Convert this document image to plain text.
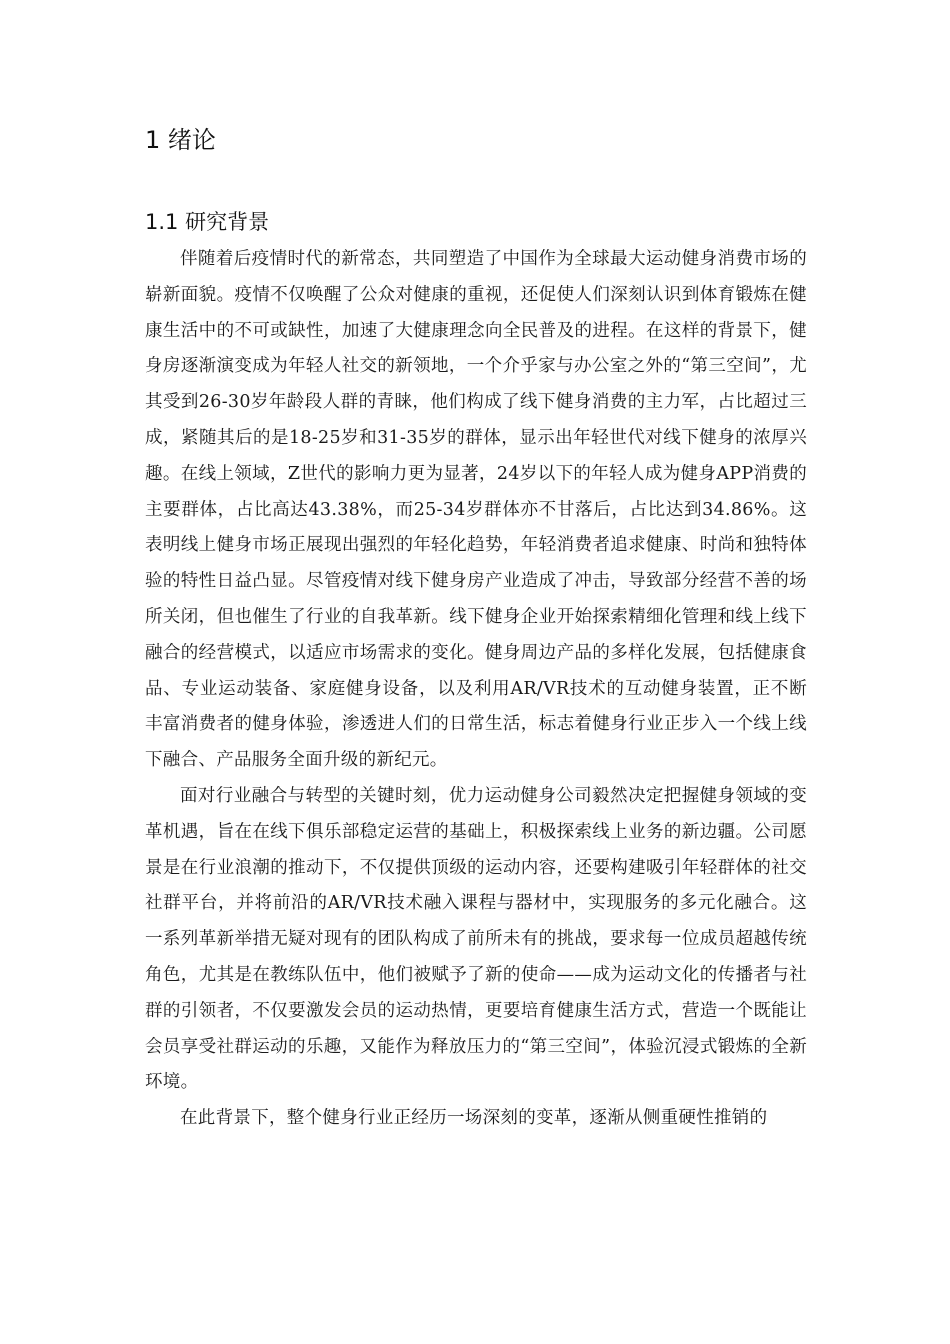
1 绪论
1.1 研究背景

伴随着后疫情时代的新常态，共同塑造了中国作为全球最大运动健身消费市场的崭新面貌。疫情不仅唤醒了公众对健康的重视，还促使人们深刻认识到体育锻炼在健康生活中的不可或缺性，加速了大健康理念向全民普及的进程。在这样的背景下，健身房逐渐演变成为年轻人社交的新领地，一个介乎家与办公室之外的“第三空间”，尤其受到26-30岁年龄段人群的青睐，他们构成了线下健身消费的主力军，占比超过三成，紧随其后的是18-25岁和31-35岁的群体，显示出年轻世代对线下健身的浓厚兴趣。在线上领域，Z世代的影响力更为显著，24岁以下的年轻人成为健身APP消费的主要群体，占比高达43.38%，而25-34岁群体亦不甘落后，占比达到34.86%。这表明线上健身市场正展现出强烈的年轻化趋势，年轻消费者追求健康、时尚和独特体验的特性日益凸显。尽管疫情对线下健身房产业造成了冲击，导致部分经营不善的场所关闭，但也催生了行业的自我革新。线下健身企业开始探索精细化管理和线上线下融合的经营模式，以适应市场需求的变化。健身周边产品的多样化发展，包括健康食品、专业运动装备、家庭健身设备，以及利用AR/VR技术的互动健身装置，正不断丰富消费者的健身体验，渗透进人们的日常生活，标志着健身行业正步入一个线上线下融合、产品服务全面升级的新纪元。

面对行业融合与转型的关键时刻，优力运动健身公司毅然决定把握健身领域的变革机遇，旨在在线下俱乐部稳定运营的基础上，积极探索线上业务的新边疆。公司愿景是在行业浪潮的推动下，不仅提供顶级的运动内容，还要构建吸引年轻群体的社交社群平台，并将前沿的AR/VR技术融入课程与器材中，实现服务的多元化融合。这一系列革新举措无疑对现有的团队构成了前所未有的挑战，要求每一位成员超越传统角色，尤其是在教练队伍中，他们被赋予了新的使命——成为运动文化的传播者与社群的引领者，不仅要激发会员的运动热情，更要培育健康生活方式，营造一个既能让会员享受社群运动的乐趣，又能作为释放压力的“第三空间”，体验沉浸式锻炼的全新环境。

在此背景下，整个健身行业正经历一场深刻的变革，逐渐从侧重硬性推销的
